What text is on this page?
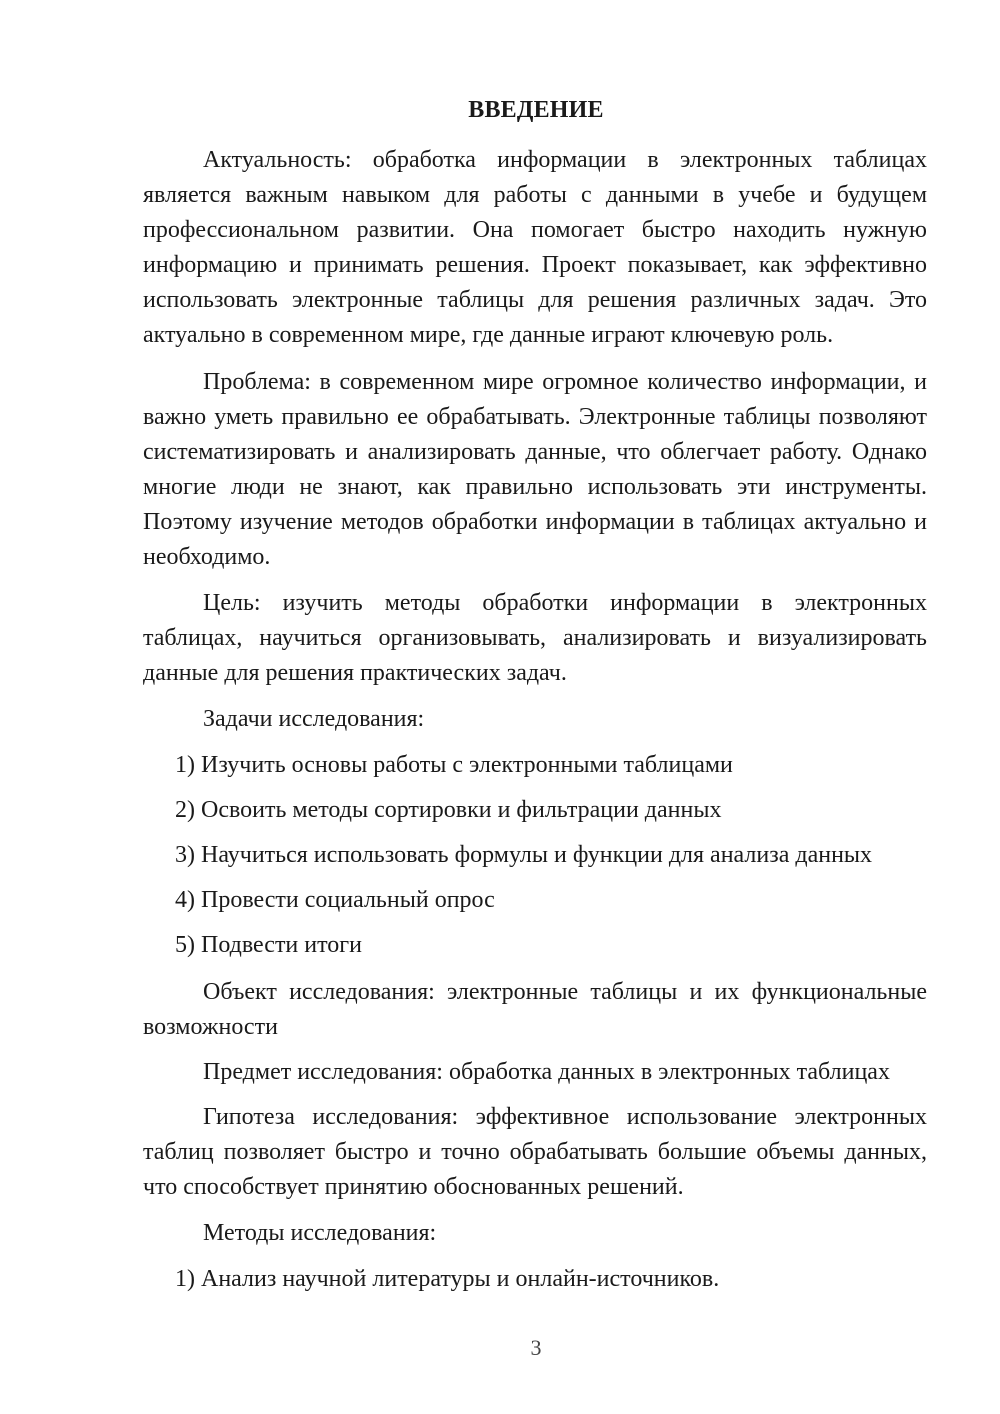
ВВЕДЕНИЕ

Актуальность: обработка информации в электронных таблицах является важным навыком для работы с данными в учебе и будущем профессиональном развитии. Она помогает быстро находить нужную информацию и принимать решения. Проект показывает, как эффективно использовать электронные таблицы для решения различных задач. Это актуально в современном мире, где данные играют ключевую роль.

Проблема: в современном мире огромное количество информации, и важно уметь правильно ее обрабатывать. Электронные таблицы позволяют систематизировать и анализировать данные, что облегчает работу. Однако многие люди не знают, как правильно использовать эти инструменты. Поэтому изучение методов обработки информации в таблицах актуально и необходимо.

Цель: изучить методы обработки информации в электронных таблицах, научиться организовывать, анализировать и визуализировать данные для решения практических задач.

Задачи исследования:

1) Изучить основы работы с электронными таблицами

2) Освоить методы сортировки и фильтрации данных

3) Научиться использовать формулы и функции для анализа данных

4) Провести социальный опрос

5) Подвести итоги

Объект исследования: электронные таблицы и их функциональные возможности

Предмет исследования: обработка данных в электронных таблицах

Гипотеза исследования: эффективное использование электронных таблиц позволяет быстро и точно обрабатывать большие объемы данных, что способствует принятию обоснованных решений.

Методы исследования:

1) Анализ научной литературы и онлайн-источников.

3
